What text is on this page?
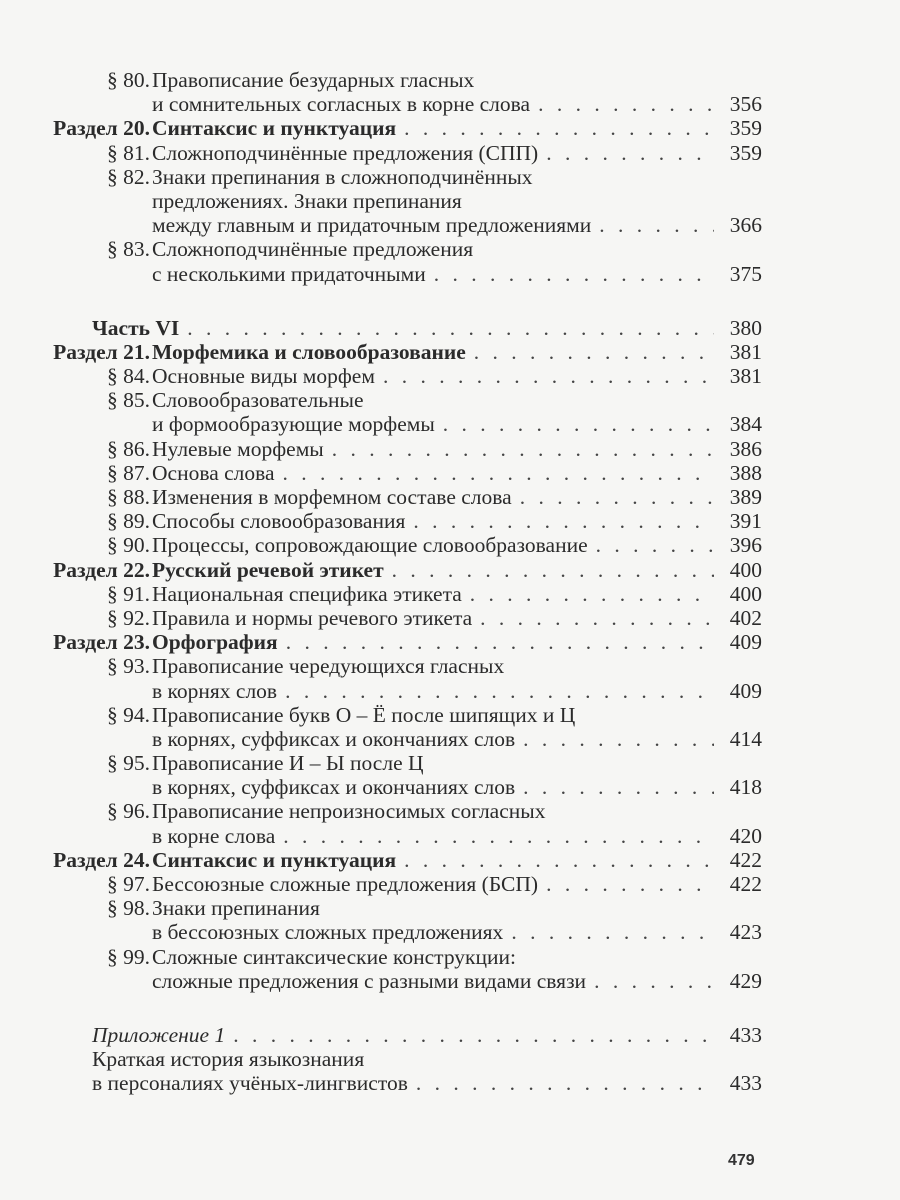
§ 80. Правописание безударных гласных
и сомнительных согласных в корне слова . . .	356
Раздел 20. Синтаксис и пунктуация . . .	359
§ 81. Сложноподчинённые предложения (СПП) . . .	359
§ 82. Знаки препинания в сложноподчинённых
предложениях. Знаки препинания
между главным и придаточным предложениями . . .	366
§ 83. Сложноподчинённые предложения
с несколькими придаточными . . .	375
Часть VI . . .	380
Раздел 21. Морфемика и словообразование . . .	381
§ 84. Основные виды морфем . . .	381
§ 85. Словообразовательные
и формообразующие морфемы . . .	384
§ 86. Нулевые морфемы . . .	386
§ 87. Основа слова . . .	388
§ 88. Изменения в морфемном составе слова . . .	389
§ 89. Способы словообразования . . .	391
§ 90. Процессы, сопровождающие словообразование . . .	396
Раздел 22. Русский речевой этикет . . .	400
§ 91. Национальная специфика этикета . . .	400
§ 92. Правила и нормы речевого этикета . . .	402
Раздел 23. Орфография . . .	409
§ 93. Правописание чередующихся гласных
в корнях слов . . .	409
§ 94. Правописание букв О – Ё после шипящих и Ц
в корнях, суффиксах и окончаниях слов . . .	414
§ 95. Правописание И – Ы после Ц
в корнях, суффиксах и окончаниях слов . . .	418
§ 96. Правописание непроизносимых согласных
в корне слова . . .	420
Раздел 24. Синтаксис и пунктуация . . .	422
§ 97. Бессоюзные сложные предложения (БСП) . . .	422
§ 98. Знаки препинания
в бессоюзных сложных предложениях . . .	423
§ 99. Сложные синтаксические конструкции:
сложные предложения с разными видами связи . . .	429
Приложение 1 . . .	433
Краткая история языкознания
в персоналиях учёных-лингвистов . . .	433
479
